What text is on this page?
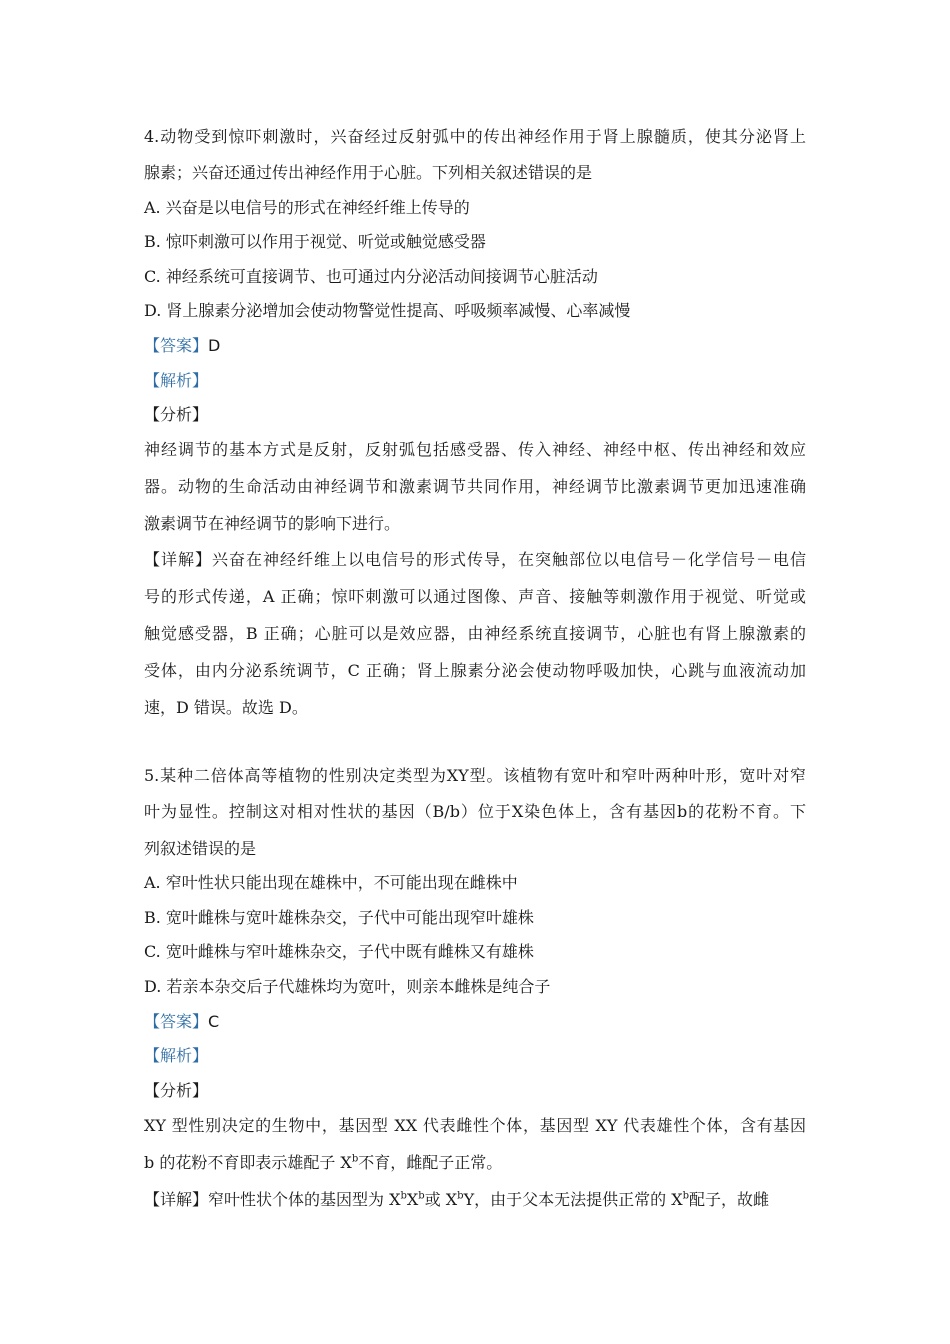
4.动物受到惊吓刺激时，兴奋经过反射弧中的传出神经作用于肾上腺髓质，使其分泌肾上
腺素；兴奋还通过传出神经作用于心脏。下列相关叙述错误的是
A. 兴奋是以电信号的形式在神经纤维上传导的
B. 惊吓刺激可以作用于视觉、听觉或触觉感受器
C. 神经系统可直接调节、也可通过内分泌活动间接调节心脏活动
D. 肾上腺素分泌增加会使动物警觉性提高、呼吸频率减慢、心率减慢
【答案】D
【解析】
【分析】
神经调节的基本方式是反射，反射弧包括感受器、传入神经、神经中枢、传出神经和效应
器。动物的生命活动由神经调节和激素调节共同作用，神经调节比激素调节更加迅速准确
激素调节在神经调节的影响下进行。
【详解】兴奋在神经纤维上以电信号的形式传导，在突触部位以电信号－化学信号－电信
号的形式传递，A 正确；惊吓刺激可以通过图像、声音、接触等刺激作用于视觉、听觉或
触觉感受器，B 正确；心脏可以是效应器，由神经系统直接调节，心脏也有肾上腺激素的
受体，由内分泌系统调节，C 正确；肾上腺素分泌会使动物呼吸加快，心跳与血液流动加
速，D 错误。故选 D。
5.某种二倍体高等植物的性别决定类型为XY型。该植物有宽叶和窄叶两种叶形，宽叶对窄
叶为显性。控制这对相对性状的基因（B/b）位于X染色体上，含有基因b的花粉不育。下
列叙述错误的是
A. 窄叶性状只能出现在雄株中，不可能出现在雌株中
B. 宽叶雌株与宽叶雄株杂交，子代中可能出现窄叶雄株
C. 宽叶雌株与窄叶雄株杂交，子代中既有雌株又有雄株
D. 若亲本杂交后子代雄株均为宽叶，则亲本雌株是纯合子
【答案】C
【解析】
【分析】
XY 型性别决定的生物中，基因型 XX 代表雌性个体，基因型 XY 代表雄性个体，含有基因
b 的花粉不育即表示雄配子 $X^b$不育，雌配子正常。
【详解】窄叶性状个体的基因型为 $X^bX^b$或 $X^bY$，由于父本无法提供正常的 $X^b$配子，故雌
